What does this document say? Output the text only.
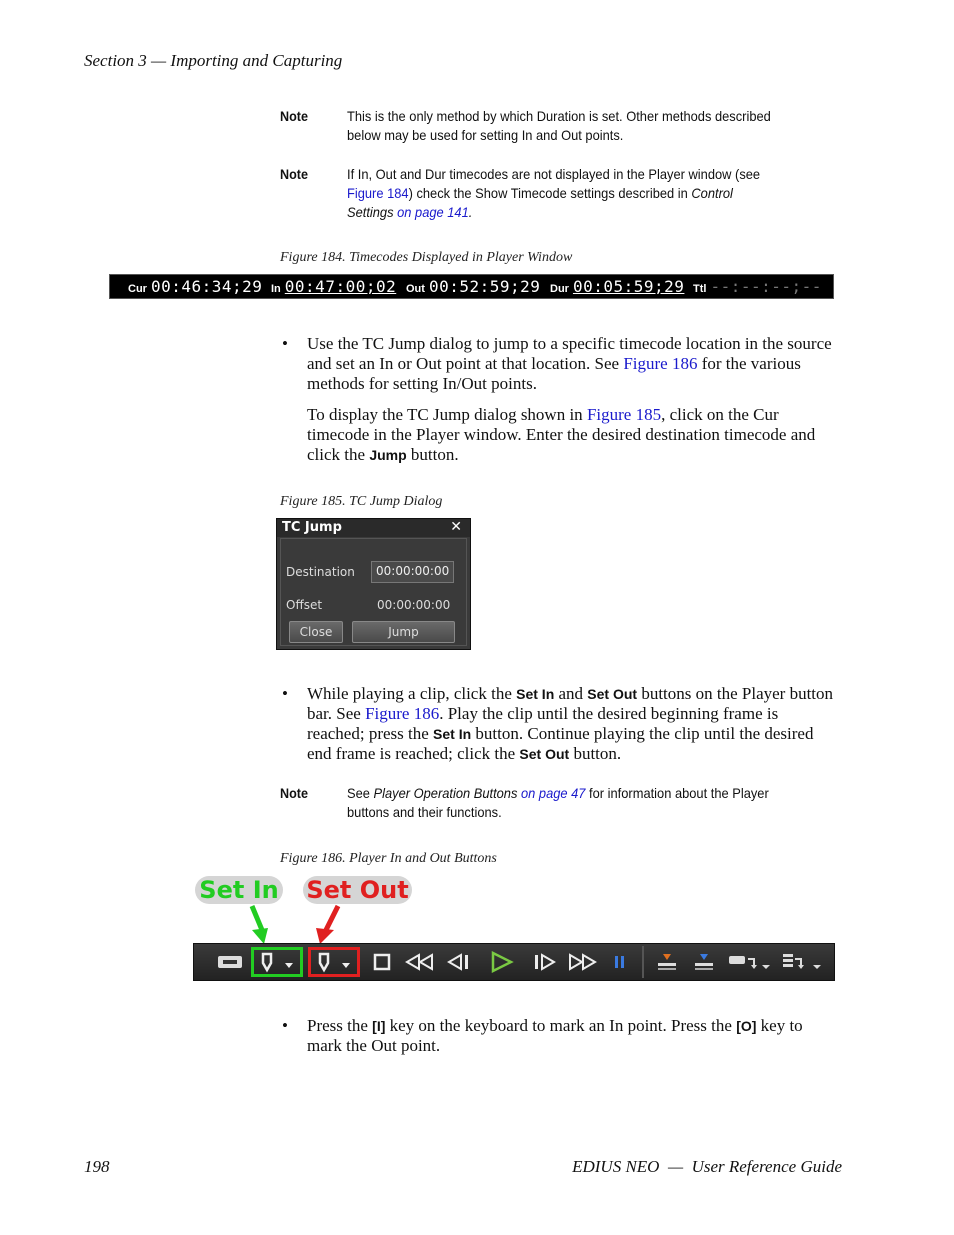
Section 3 — Importing and Capturing
Note	This is the only method by which Duration is set. Other methods described below may be used for setting In and Out points.
Note	If In, Out and Dur timecodes are not displayed in the Player window (see Figure 184) check the Show Timecode settings described in Control Settings on page 141.
Figure 184. Timecodes Displayed in Player Window
Cur 00:46:34;29 In 00:47:00;02 Out 00:52:59;29 Dur 00:05:59;29 Ttl --:--:--;--
• Use the TC Jump dialog to jump to a specific timecode location in the source and set an In or Out point at that location. See Figure 186 for the various methods for setting In/Out points.
To display the TC Jump dialog shown in Figure 185, click on the Cur timecode in the Player window. Enter the desired destination timecode and click the Jump button.
Figure 185. TC Jump Dialog
TC Jump	✕
Destination	00:00:00:00
Offset	00:00:00:00
Close	Jump
• While playing a clip, click the Set In and Set Out buttons on the Player button bar. See Figure 186. Play the clip until the desired beginning frame is reached; press the Set In button. Continue playing the clip until the desired end frame is reached; click the Set Out button.
Note	See Player Operation Buttons on page 47 for information about the Player buttons and their functions.
Figure 186. Player In and Out Buttons
Set In Set Out
• Press the [I] key on the keyboard to mark an In point. Press the [O] key to mark the Out point.
198	EDIUS NEO  —  User Reference Guide
